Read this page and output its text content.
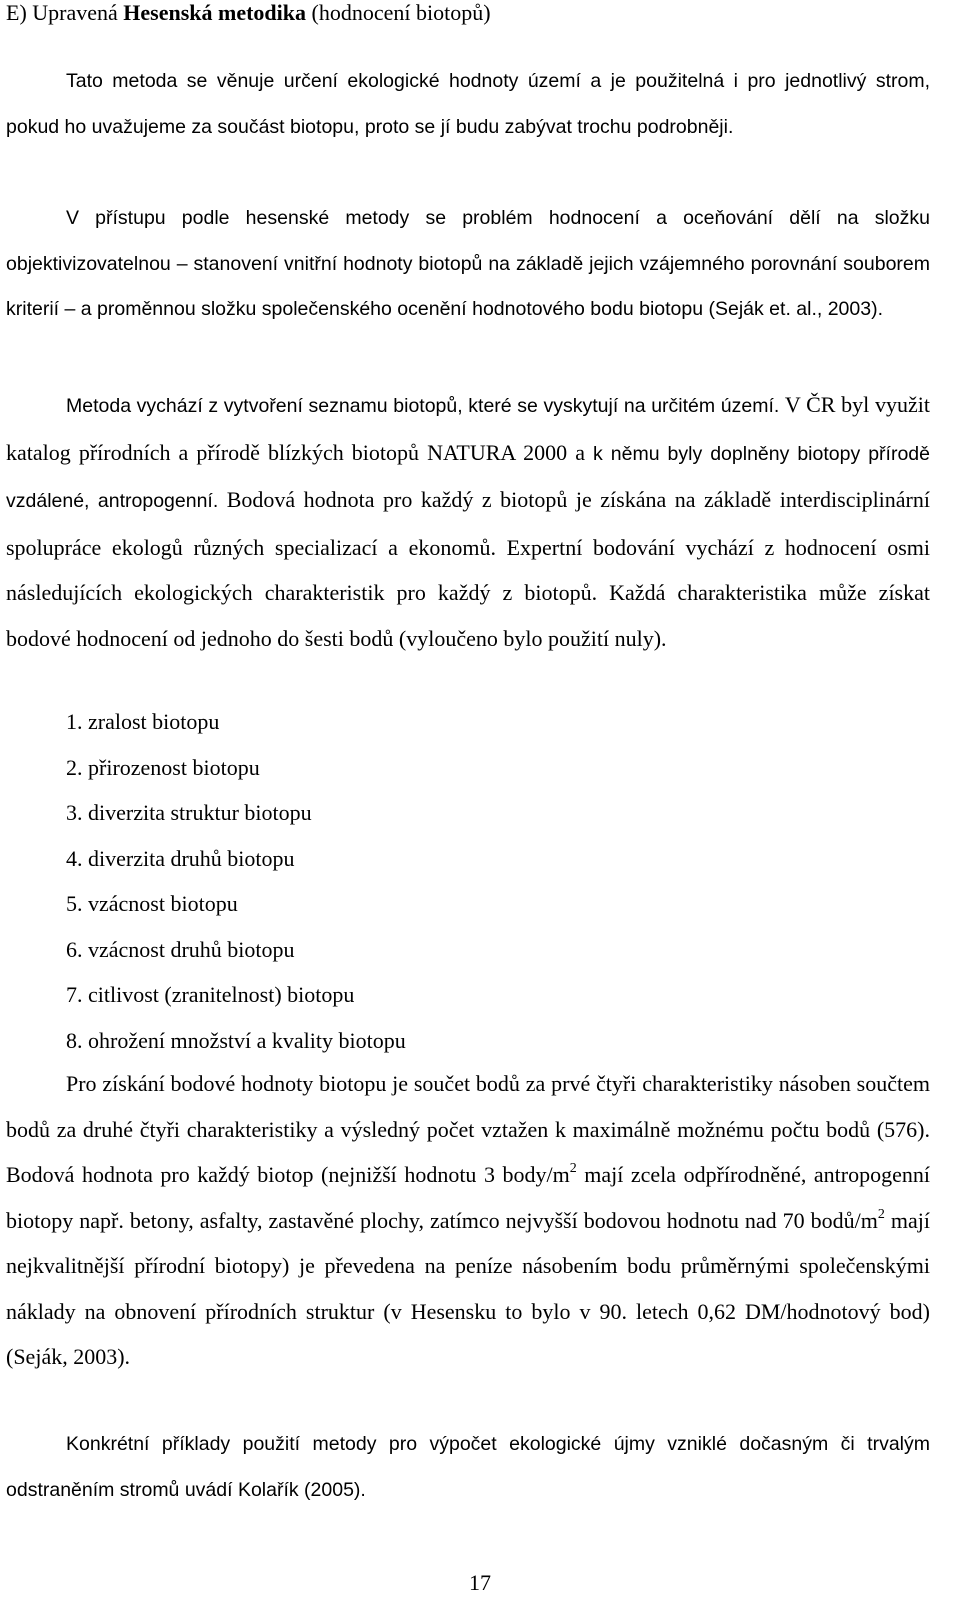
E) Upravená Hesenská metodika (hodnocení biotopů)
Tato metoda se věnuje určení ekologické hodnoty území a je použitelná i pro jednotlivý strom, pokud ho uvažujeme za součást biotopu, proto se jí budu zabývat trochu podrobněji.
V přístupu podle hesenské metody se problém hodnocení a oceňování dělí na složku objektivizovatelnou – stanovení vnitřní hodnoty biotopů na základě jejich vzájemného porovnání souborem kriterií – a proměnnou složku společenského ocenění hodnotového bodu biotopu (Seják et. al., 2003).
Metoda vychází z vytvoření seznamu biotopů, které se vyskytují na určitém území. V ČR byl využit katalog přírodních a přírodě blízkých biotopů NATURA 2000 a k němu byly doplněny biotopy přírodě vzdálené, antropogenní. Bodová hodnota pro každý z biotopů je získána na základě interdisciplinární spolupráce ekologů různých specializací a ekonomů. Expertní bodování vychází z hodnocení osmi následujících ekologických charakteristik pro každý z biotopů. Každá charakteristika může získat bodové hodnocení od jednoho do šesti bodů (vyloučeno bylo použití nuly).
1. zralost biotopu
2. přirozenost biotopu
3. diverzita struktur biotopu
4. diverzita druhů biotopu
5. vzácnost biotopu
6. vzácnost druhů biotopu
7. citlivost (zranitelnost) biotopu
8. ohrožení množství a kvality biotopu
Pro získání bodové hodnoty biotopu je součet bodů za prvé čtyři charakteristiky násoben součtem bodů za druhé čtyři charakteristiky a výsledný počet vztažen k maximálně možnému počtu bodů (576). Bodová hodnota pro každý biotop (nejnižší hodnotu 3 body/$m^2$ mají zcela odpřírodněné, antropogenní biotopy např. betony, asfalty, zastavěné plochy, zatímco nejvyšší bodovou hodnotu nad 70 bodů/$m^2$ mají nejkvalitnější přírodní biotopy) je převedena na peníze násobením bodu průměrnými společenskými náklady na obnovení přírodních struktur (v Hesensku to bylo v 90. letech 0,62 DM/hodnotový bod) (Seják, 2003).
Konkrétní příklady použití metody pro výpočet ekologické újmy vzniklé dočasným či trvalým odstraněním stromů uvádí Kolařík (2005).
17
